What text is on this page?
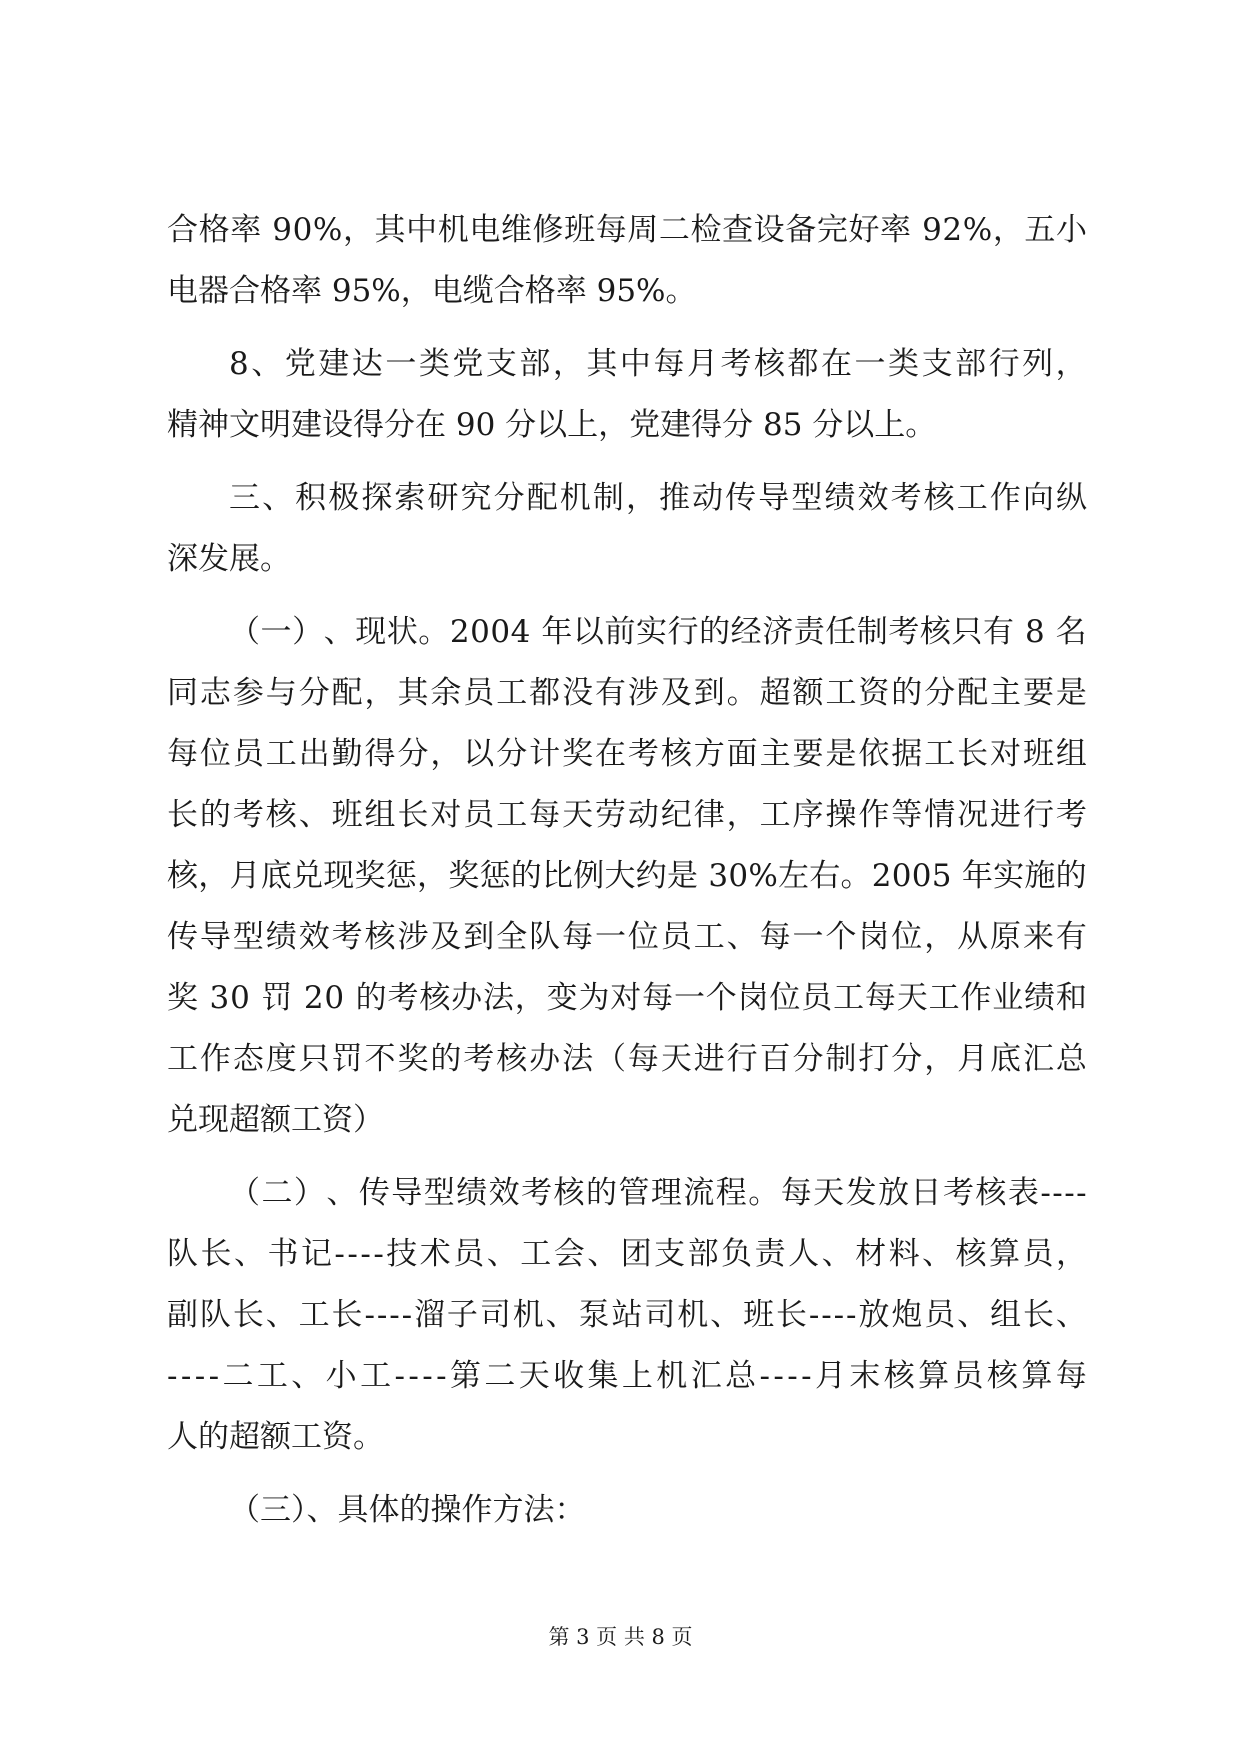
合 格 率
9 0 % ， 其 中 机 电 维 修 班 每 周 二 检 查 设 备 完 好 率
9 2 % ， 五 小
电器合格率 95%，电缆合格率 95%。
8 、 党 建 达 一 类 党 支 部 ， 其 中 每 月 考 核 都 在 一 类 支 部 行 列 ，
精神文明建设得分在 90 分以上，党建得分 85 分以上。
三 、 积 极 探 索 研 究 分 配 机 制 ， 推 动 传 导 型 绩 效 考 核 工 作 向 纵
深发展。
（ 一 ） 、 现 状 。 2 0 0 4
年 以 前 实 行 的 经 济 责 任 制 考 核 只 有
8
名
同 志 参 与 分 配 ， 其 余 员 工 都 没 有 涉 及 到 。 超 额 工 资 的 分 配 主 要 是
每 位 员 工 出 勤 得 分 ， 以 分 计 奖 在 考 核 方 面 主 要 是 依 据 工 长 对 班 组
长 的 考 核 、 班 组 长 对 员 工 每 天 劳 动 纪 律 ， 工 序 操 作 等 情 况 进 行 考
核 ， 月 底 兑 现 奖 惩 ， 奖 惩 的 比 例 大 约 是
3 0 % 左 右 。 2 0 0 5
年 实 施 的
传 导 型 绩 效 考 核 涉 及 到 全 队 每 一 位 员 工 、 每 一 个 岗 位 ， 从 原 来 有
奖
3 0
罚
2 0
的 考 核 办 法 ， 变 为 对 每 一 个 岗 位 员 工 每 天 工 作 业 绩 和
工 作 态 度 只 罚 不 奖 的 考 核 办 法 （ 每 天 进 行 百 分 制 打 分 ， 月 底 汇 总
兑现超额工资）
（ 二 ） 、 传 导 型 绩 效 考 核 的 管 理 流 程 。 每 天 发 放 日 考 核 表 - - - -
队 长 、 书 记 - - - - 技 术 员 、 工 会 、 团 支 部 负 责 人 、 材 料 、 核 算 员 ，
副 队 长 、 工 长 - - - - 溜 子 司 机 、 泵 站 司 机 、 班 长 - - - - 放 炮 员 、 组 长 、
- - - - 二 工 、 小 工 - - - - 第 二 天 收 集 上 机 汇 总 - - - - 月 末 核 算 员 核 算 每
人的超额工资。
（三）、具体的操作方法：
第 3 页 共 8 页
